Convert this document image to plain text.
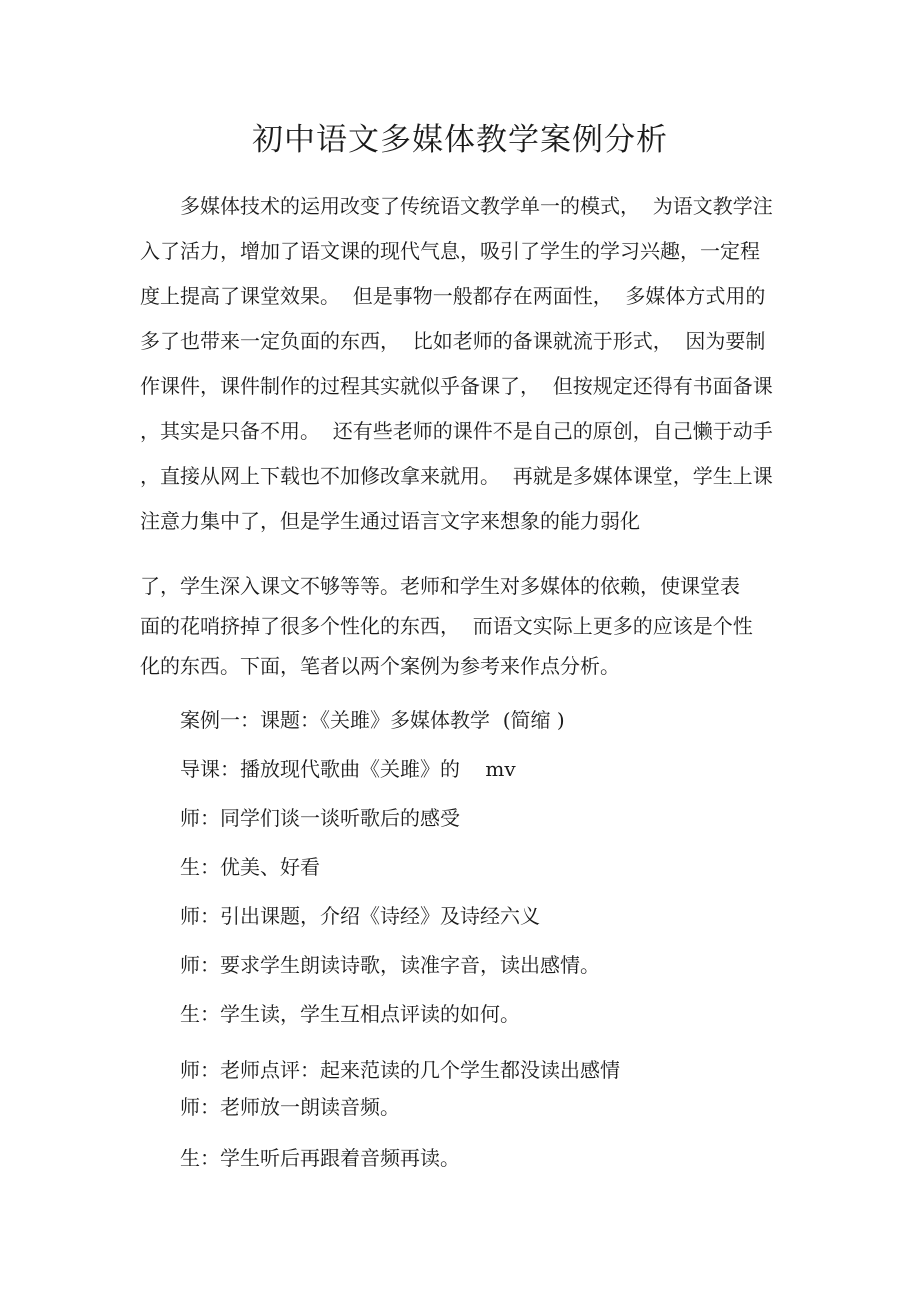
初中语文多媒体教学案例分析

多媒体技术的运用改变了传统语文教学单一的模式，  为语文教学注

入了活力，增加了语文课的现代气息，吸引了学生的学习兴趣，一定程

度上提高了课堂效果。  但是事物一般都存在两面性，  多媒体方式用的

多了也带来一定负面的东西，  比如老师的备课就流于形式，  因为要制

作课件，课件制作的过程其实就似乎备课了，  但按规定还得有书面备课

，其实是只备不用。  还有些老师的课件不是自己的原创，自己懒于动手

，直接从网上下载也不加修改拿来就用。  再就是多媒体课堂，学生上课

注意力集中了，但是学生通过语言文字来想象的能力弱化

了，学生深入课文不够等等。老师和学生对多媒体的依赖，使课堂表

面的花哨挤掉了很多个性化的东西，  而语文实际上更多的应该是个性

化的东西。下面，笔者以两个案例为参考来作点分析。

案例一：课题：《关雎》多媒体教学  (简缩 )

导课：播放现代歌曲《关雎》的    mv

师：同学们谈一谈听歌后的感受

生：优美、好看

师：引出课题，介绍《诗经》及诗经六义

师：要求学生朗读诗歌，读准字音，读出感情。

生：学生读，学生互相点评读的如何。

师：老师点评：起来范读的几个学生都没读出感情

师：老师放一朗读音频。

生：学生听后再跟着音频再读。
